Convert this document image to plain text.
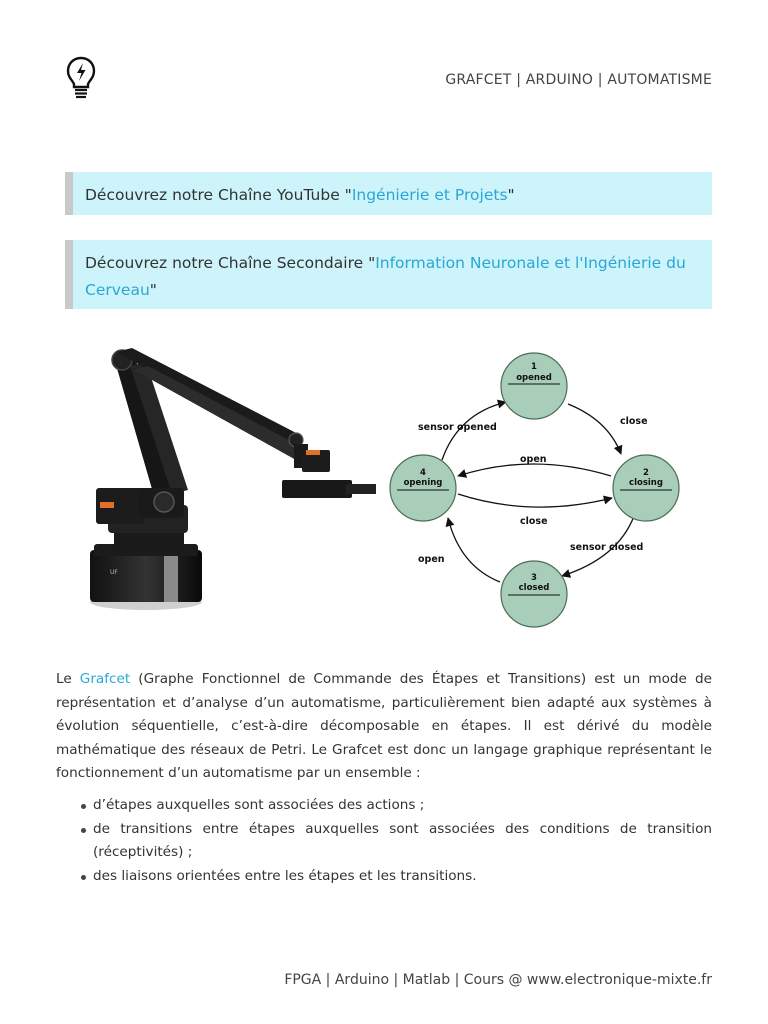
GRAFCET | ARDUINO | AUTOMATISME
Découvrez notre Chaîne YouTube "Ingénierie et Projets"
Découvrez notre Chaîne Secondaire "Information Neuronale et l'Ingénierie du Cerveau"
UF
close
sensor closed
open
sensor opened
open
close
1
opened
2
closing
3
closed
4
opening

Le Grafcet (Graphe Fonctionnel de Commande des Étapes et Transitions) est un mode de représentation et d’analyse d’un automatisme, particulièrement bien adapté aux systèmes à évolution séquentielle, c’est-à-dire décomposable en étapes. Il est dérivé du modèle mathématique des réseaux de Petri. Le Grafcet est donc un langage graphique représentant le fonctionnement d’un automatisme par un ensemble :

d’étapes auxquelles sont associées des actions ;
de transitions entre étapes auxquelles sont associées des conditions de transition (réceptivités) ;
des liaisons orientées entre les étapes et les transitions.
FPGA | Arduino | Matlab | Cours @ www.electronique-mixte.fr
